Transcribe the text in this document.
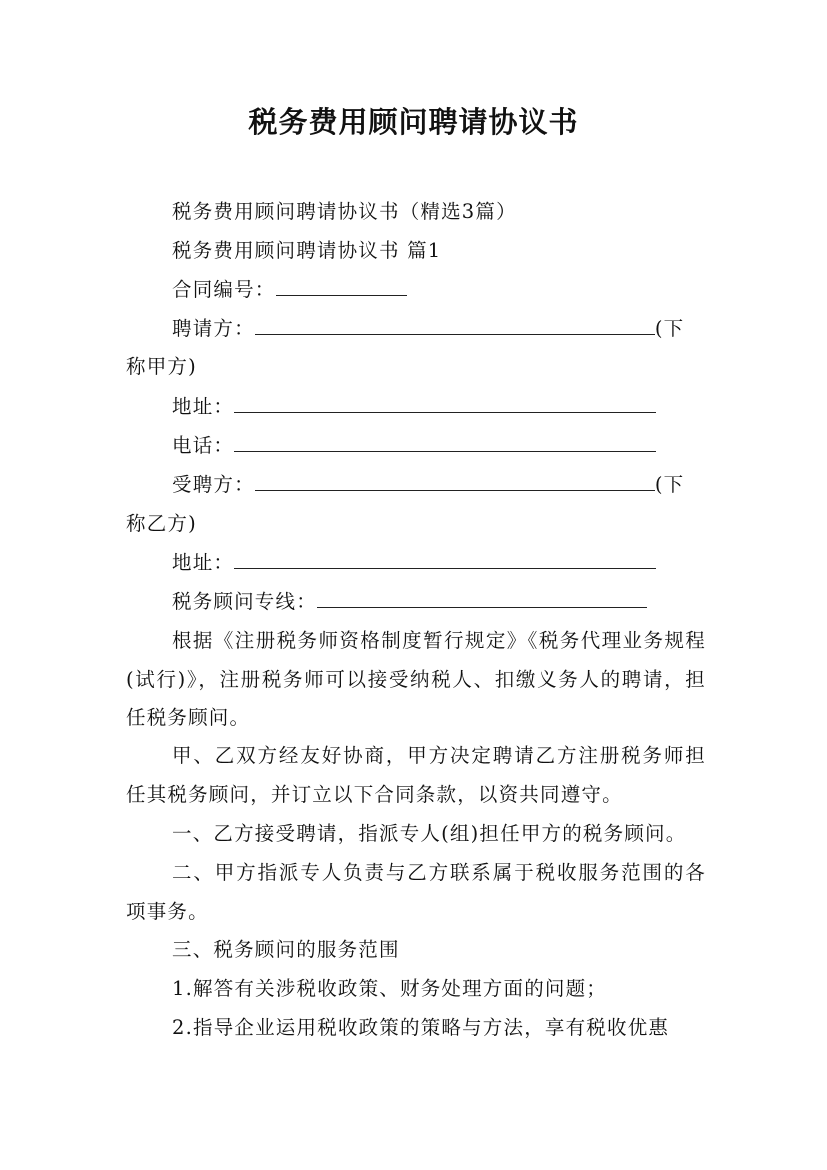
税务费用顾问聘请协议书
税务费用顾问聘请协议书（精选3篇）
税务费用顾问聘请协议书 篇1
合同编号：
聘请方：	(下
称甲方)
地址：
电话：
受聘方：	(下
称乙方)
地址：
税务顾问专线：
根据《注册税务师资格制度暂行规定》《税务代理业务规程(试行)》，注册税务师可以接受纳税人、扣缴义务人的聘请，担任税务顾问。
甲、乙双方经友好协商，甲方决定聘请乙方注册税务师担任其税务顾问，并订立以下合同条款，以资共同遵守。
一、乙方接受聘请，指派专人(组)担任甲方的税务顾问。
二、甲方指派专人负责与乙方联系属于税收服务范围的各项事务。
三、税务顾问的服务范围
1.解答有关涉税收政策、财务处理方面的问题；
2.指导企业运用税收政策的策略与方法，享有税收优惠
